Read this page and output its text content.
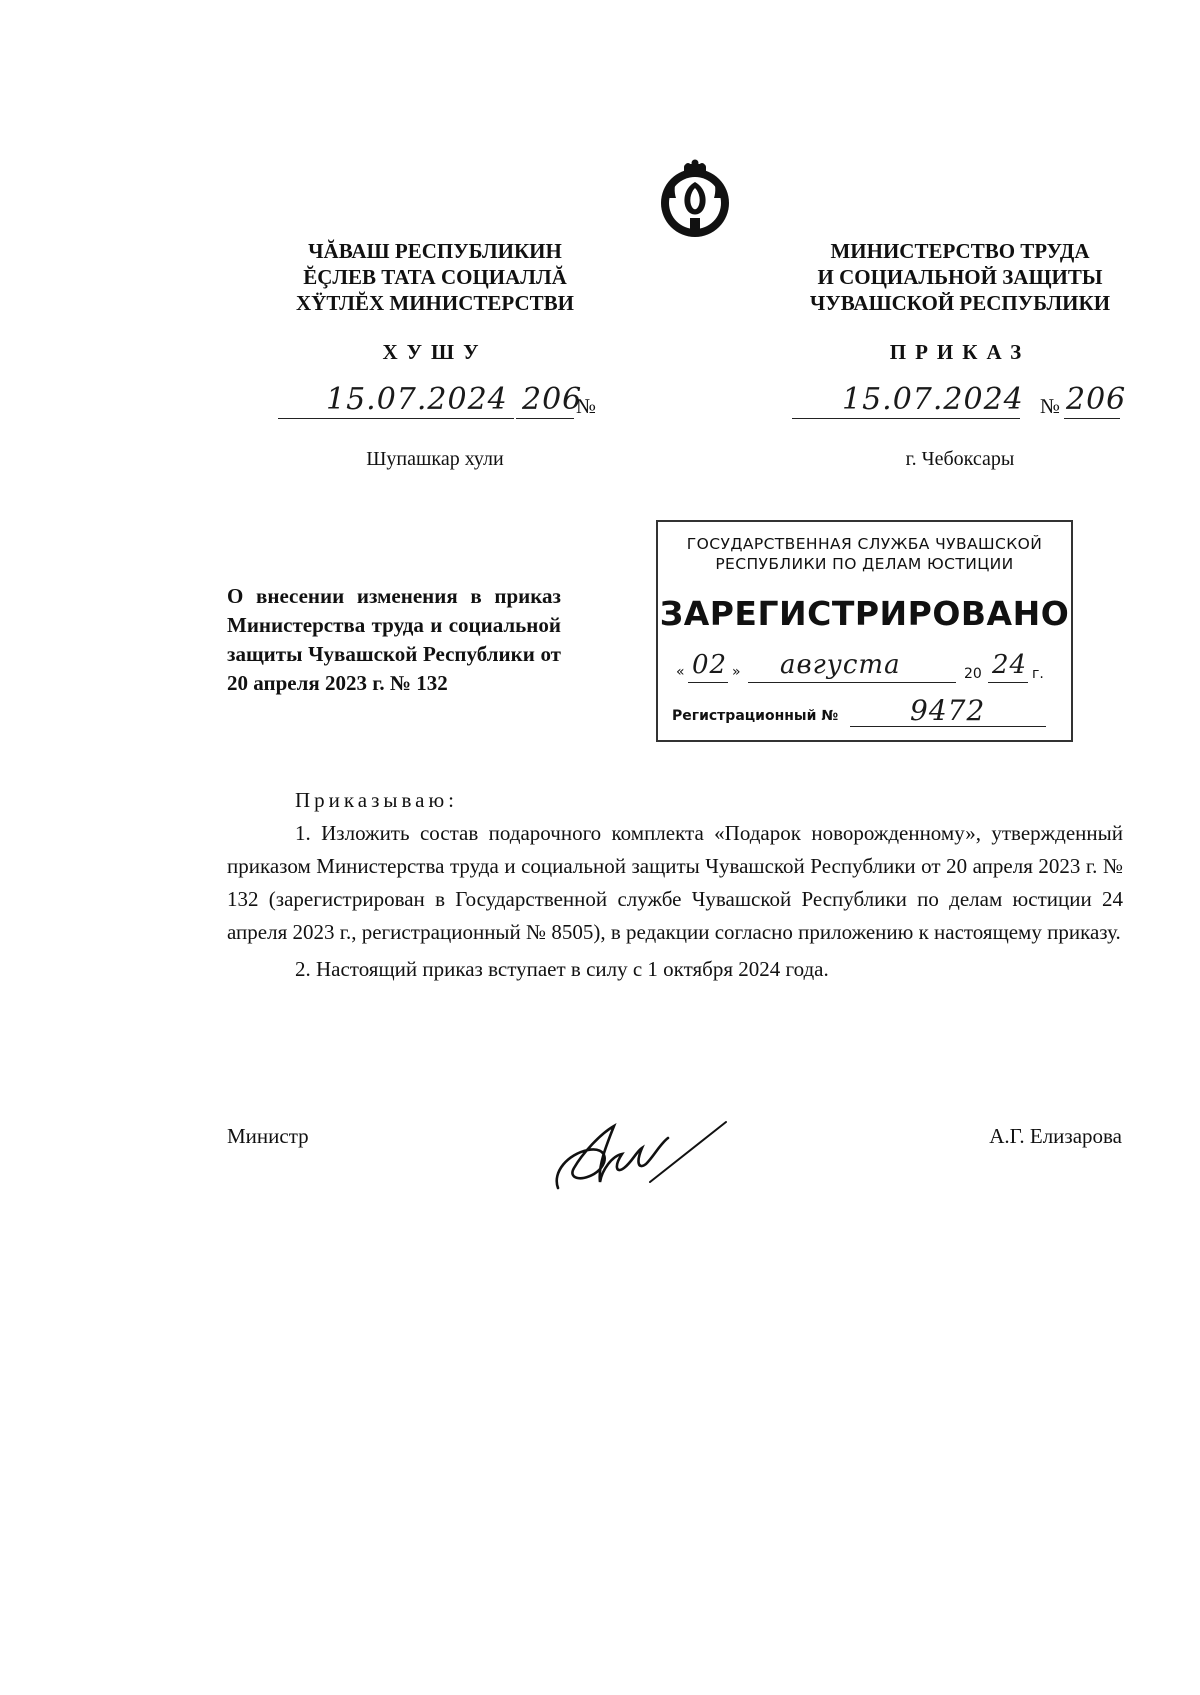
ЧĂВАШ РЕСПУБЛИКИН
ĔÇЛЕВ ТАТА СОЦИАЛЛĂ
ХŸТЛĔХ МИНИСТЕРСТВИ
МИНИСТЕРСТВО ТРУДА
И СОЦИАЛЬНОЙ ЗАЩИТЫ
ЧУВАШСКОЙ РЕСПУБЛИКИ
ХУШУ	ПРИКАЗ
15.07.2024 206
№	15.07.2024 № 206
Шупашкар хули	г. Чебоксары
О внесении изменения в приказ Министерства труда и социальной защиты Чувашской Республики от 20 апреля 2023 г. № 132
ГОСУДАРСТВЕННАЯ СЛУЖБА ЧУВАШСКОЙ
РЕСПУБЛИКИ ПО ДЕЛАМ ЮСТИЦИИ
ЗАРЕГИСТРИРОВАНО
« 02 » августа	20 24 г.
Регистрационный №	9472

Приказываю:

1. Изложить состав подарочного комплекта «Подарок новорожденному», утвержденный приказом Министерства труда и социальной защиты Чувашской Республики от 20 апреля 2023 г. № 132 (зарегистрирован в Государственной службе Чувашской Республики по делам юстиции 24 апреля 2023 г., регистрационный № 8505), в редакции согласно приложению к настоящему приказу.

2. Настоящий приказ вступает в силу с 1 октября 2024 года.

Министр	А.Г. Елизарова
